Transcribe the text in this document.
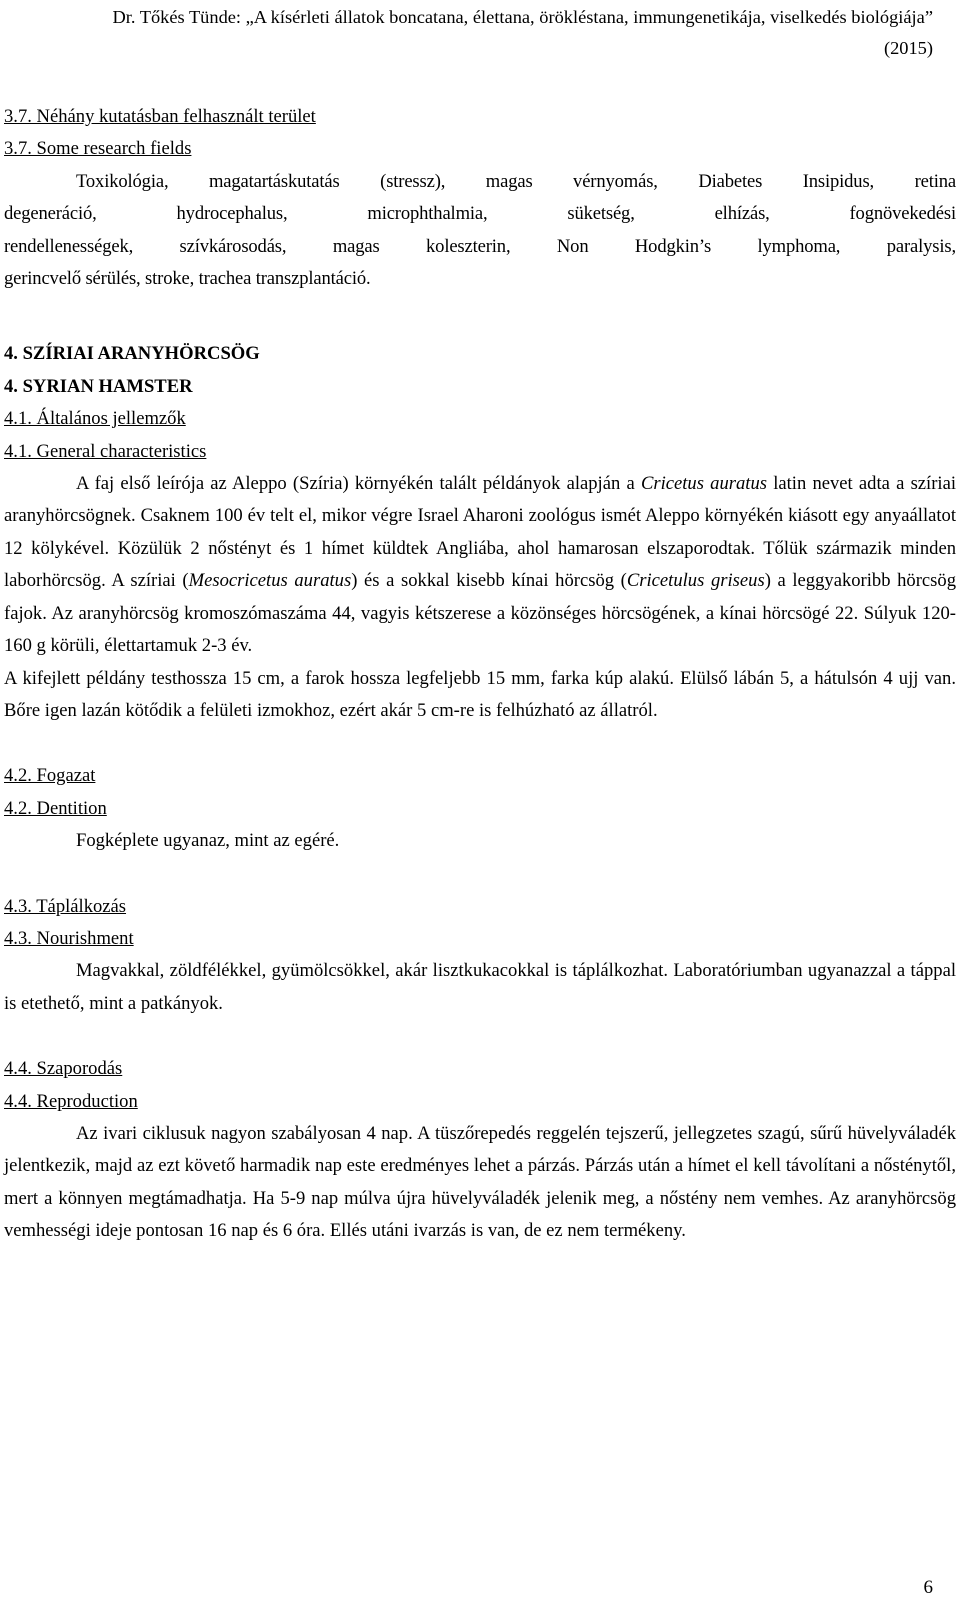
Dr. Tőkés Tünde: „A kísérleti állatok boncatana, élettana, örökléstana, immungenetikája, viselkedés biológiája”
(2015)
3.7. Néhány kutatásban felhasznált terület
3.7. Some research fields
Toxikológia, magatartáskutatás (stressz), magas vérnyomás, Diabetes Insipidus, retina
degeneráció, hydrocephalus, microphthalmia, süketség, elhízás, fognövekedési
rendellenességek, szívkárosodás, magas koleszterin, Non Hodgkin’s lymphoma, paralysis,
gerincvelő sérülés, stroke, trachea transzplantáció.
4. SZÍRIAI ARANYHÖRCSÖG
4. SYRIAN HAMSTER
4.1. Általános jellemzők
4.1. General characteristics

A faj első leírója az Aleppo (Szíria) környékén talált példányok alapján a Cricetus auratus latin nevet adta a szíriai aranyhörcsögnek. Csaknem 100 év telt el, mikor végre Israel Aharoni zoológus ismét Aleppo környékén kiásott egy anyaállatot 12 kölykével. Közülük 2 nőstényt és 1 hímet küldtek Angliába, ahol hamarosan elszaporodtak. Tőlük származik minden laborhörcsög. A szíriai (Mesocricetus auratus) és a sokkal kisebb kínai hörcsög (Cricetulus griseus) a leggyakoribb hörcsög fajok. Az aranyhörcsög kromoszómaszáma 44, vagyis kétszerese a közönséges hörcsögének, a kínai hörcsögé 22. Súlyuk 120-160 g körüli, élettartamuk 2-3 év.

A kifejlett példány testhossza 15 cm, a farok hossza legfeljebb 15 mm, farka kúp alakú. Elülső lábán 5, a hátulsón 4 ujj van. Bőre igen lazán kötődik a felületi izmokhoz, ezért akár 5 cm-re is felhúzható az állatról.

4.2. Fogazat
4.2. Dentition

Fogképlete ugyanaz, mint az egéré.

4.3. Táplálkozás
4.3. Nourishment

Magvakkal, zöldfélékkel, gyümölcsökkel, akár lisztkukacokkal is táplálkozhat. Laboratóriumban ugyanazzal a táppal is etethető, mint a patkányok.

4.4. Szaporodás
4.4. Reproduction

Az ivari ciklusuk nagyon szabályosan 4 nap. A tüszőrepedés reggelén tejszerű, jellegzetes szagú, sűrű hüvelyváladék jelentkezik, majd az ezt követő harmadik nap este eredményes lehet a párzás. Párzás után a hímet el kell távolítani a nősténytől, mert a könnyen megtámadhatja. Ha 5-9 nap múlva újra hüvelyváladék jelenik meg, a nőstény nem vemhes. Az aranyhörcsög vemhességi ideje pontosan 16 nap és 6 óra. Ellés utáni ivarzás is van, de ez nem termékeny.

6
